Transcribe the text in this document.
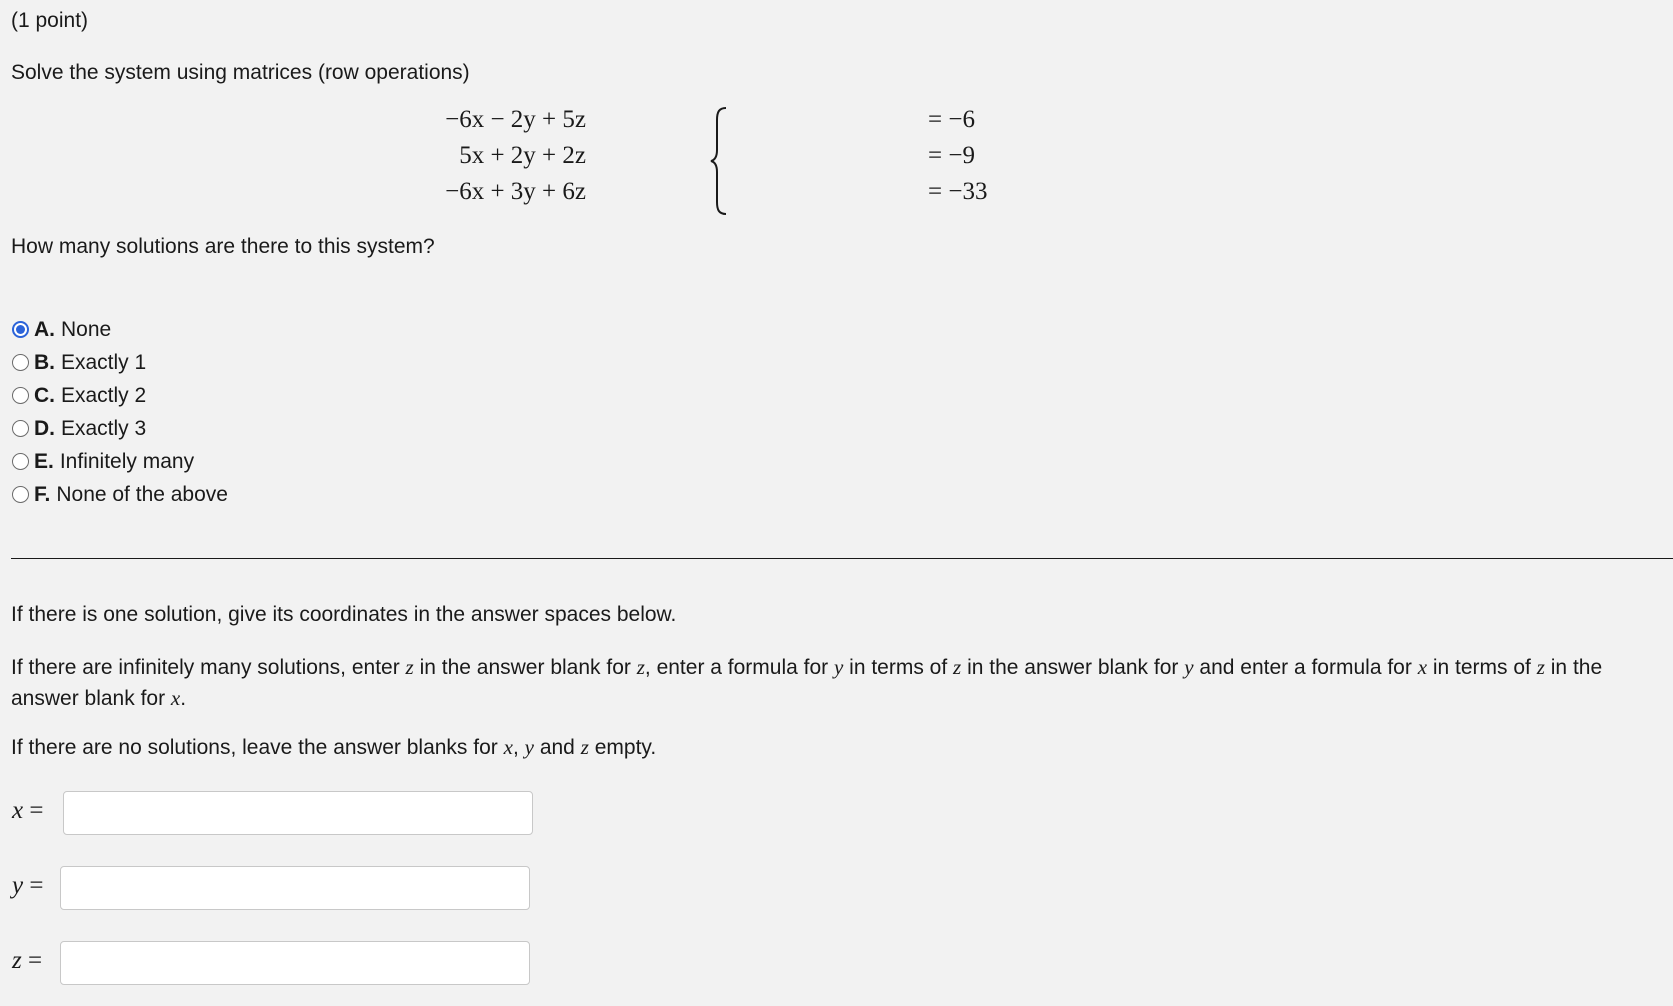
(1 point)
Solve the system using matrices (row operations)
−6x − 2y + 5z	= −6
5x + 2y + 2z	= −9
−6x + 3y + 6z	= −33
How many solutions are there to this system?
A. None
B. Exactly 1
C. Exactly 2
D. Exactly 3
E. Infinitely many
F. None of the above
If there is one solution, give its coordinates in the answer spaces below.
If there are infinitely many solutions, enter z in the answer blank for z, enter a formula for y in terms of z in the answer blank for y and enter a formula for x in terms of z in the answer blank for x.
If there are no solutions, leave the answer blanks for x, y and z empty.
x =
y =
z =
